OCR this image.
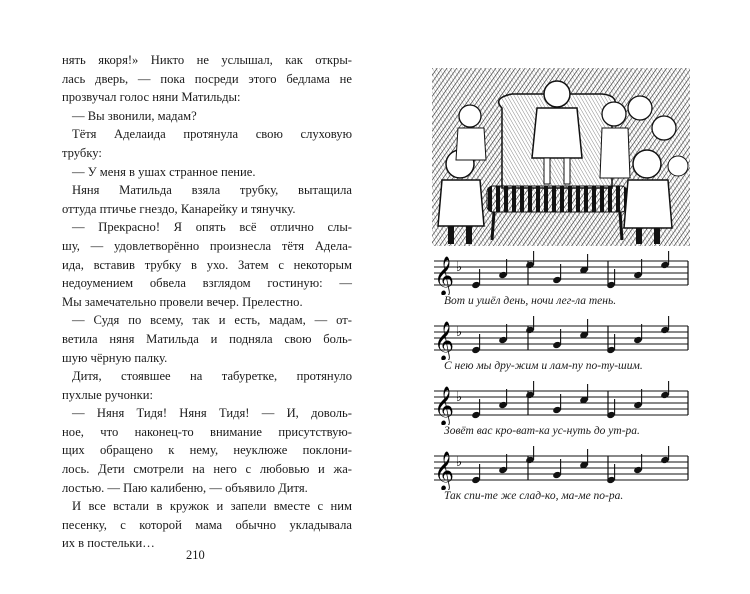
нять якоря!» Никто не услышал, как откры-
лась дверь, — пока посреди этого бедлама не
прозвучал голос няни Матильды:
— Вы звонили, мадам?
Тётя Аделаида протянула свою слуховую
трубку:
— У меня в ушах странное пение.
Няня Матильда взяла трубку, вытащила
оттуда птичье гнездо, Канарейку и тянучку.
— Прекрасно! Я опять всё отлично слы-
шу, — удовлетворённо произнесла тётя Адела-
ида, вставив трубку в ухо. Затем с некоторым
недоумением обвела взглядом гостиную: —
Мы замечательно провели вечер. Прелестно.
— Судя по всему, так и есть, мадам, — от-
ветила няня Матильда и подняла свою боль-
шую чёрную палку.
Дитя, стоявшее на табуретке, протянуло
пухлые ручонки:
— Няня Тидя! Няня Тидя! — И, доволь-
ное, что наконец-то внимание присутствую-
щих обращено к нему, неуклюже поклони-
лось. Дети смотрели на него с любовью и жа-
лостью. — Паю калибеню, — объявило Дитя.
И все встали в кружок и запели вместе с ним
песенку, с которой мама обычно укладывала
их в постельки…
210
𝄞 ♭
Вот и ушёл день, ночи лег-ла тень.
𝄞 ♭
С нею мы дру-жим и лам-пу по-ту-шим.
𝄞 ♭
Зовёт вас кро-ват-ка ус-нуть до ут-ра.
𝄞 ♭
Так спи-те же слад-ко, ма-ме по-ра.
